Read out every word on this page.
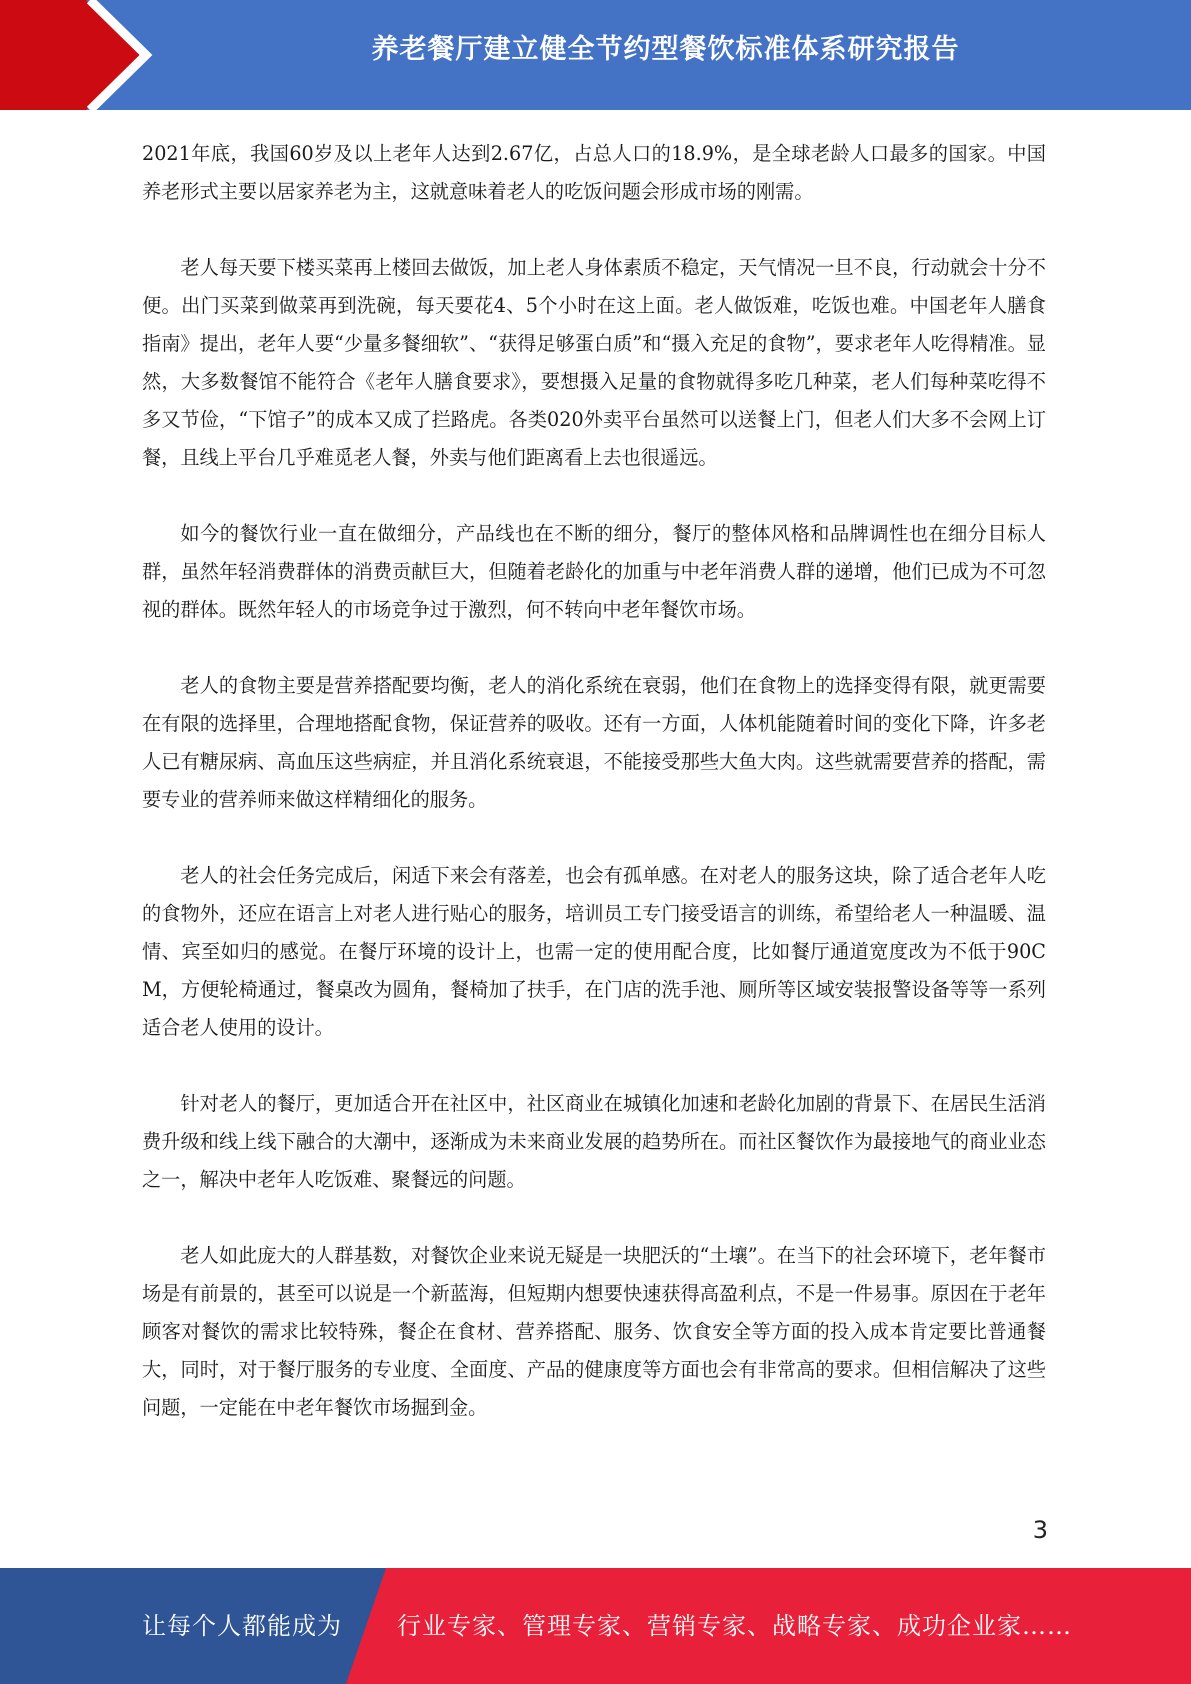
养老餐厅建立健全节约型餐饮标准体系研究报告

2021年底，我国60岁及以上老年人达到2.67亿，占总人口的18.9%，是全球老龄人口最多的国家。中国养老形式主要以居家养老为主，这就意味着老人的吃饭问题会形成市场的刚需。

老人每天要下楼买菜再上楼回去做饭，加上老人身体素质不稳定，天气情况一旦不良，行动就会十分不便。出门买菜到做菜再到洗碗，每天要花4、5个小时在这上面。老人做饭难，吃饭也难。中国老年人膳食指南》提出，老年人要“少量多餐细软”、“获得足够蛋白质”和“摄入充足的食物”，要求老年人吃得精准。显然，大多数餐馆不能符合《老年人膳食要求》，要想摄入足量的食物就得多吃几种菜，老人们每种菜吃得不多又节俭，“下馆子”的成本又成了拦路虎。各类020外卖平台虽然可以送餐上门，但老人们大多不会网上订餐，且线上平台几乎难觅老人餐，外卖与他们距离看上去也很遥远。

如今的餐饮行业一直在做细分，产品线也在不断的细分，餐厅的整体风格和品牌调性也在细分目标人群，虽然年轻消费群体的消费贡献巨大，但随着老龄化的加重与中老年消费人群的递增，他们已成为不可忽视的群体。既然年轻人的市场竞争过于激烈，何不转向中老年餐饮市场。

老人的食物主要是营养搭配要均衡，老人的消化系统在衰弱，他们在食物上的选择变得有限，就更需要在有限的选择里，合理地搭配食物，保证营养的吸收。还有一方面，人体机能随着时间的变化下降，许多老人已有糖尿病、高血压这些病症，并且消化系统衰退，不能接受那些大鱼大肉。这些就需要营养的搭配，需要专业的营养师来做这样精细化的服务。

老人的社会任务完成后，闲适下来会有落差，也会有孤单感。在对老人的服务这块，除了适合老年人吃的食物外，还应在语言上对老人进行贴心的服务，培训员工专门接受语言的训练，希望给老人一种温暖、温情、宾至如归的感觉。在餐厅环境的设计上，也需一定的使用配合度，比如餐厅通道宽度改为不低于90CM，方便轮椅通过，餐桌改为圆角，餐椅加了扶手，在门店的洗手池、厕所等区域安装报警设备等等一系列适合老人使用的设计。

针对老人的餐厅，更加适合开在社区中，社区商业在城镇化加速和老龄化加剧的背景下、在居民生活消费升级和线上线下融合的大潮中，逐渐成为未来商业发展的趋势所在。而社区餐饮作为最接地气的商业业态之一，解决中老年人吃饭难、聚餐远的问题。

老人如此庞大的人群基数，对餐饮企业来说无疑是一块肥沃的“土壤”。在当下的社会环境下，老年餐市场是有前景的，甚至可以说是一个新蓝海，但短期内想要快速获得高盈利点，不是一件易事。原因在于老年顾客对餐饮的需求比较特殊，餐企在食材、营养搭配、服务、饮食安全等方面的投入成本肯定要比普通餐大，同时，对于餐厅服务的专业度、全面度、产品的健康度等方面也会有非常高的要求。但相信解决了这些问题，一定能在中老年餐饮市场掘到金。

3
让每个人都能成为 行业专家、管理专家、营销专家、战略专家、成功企业家……
